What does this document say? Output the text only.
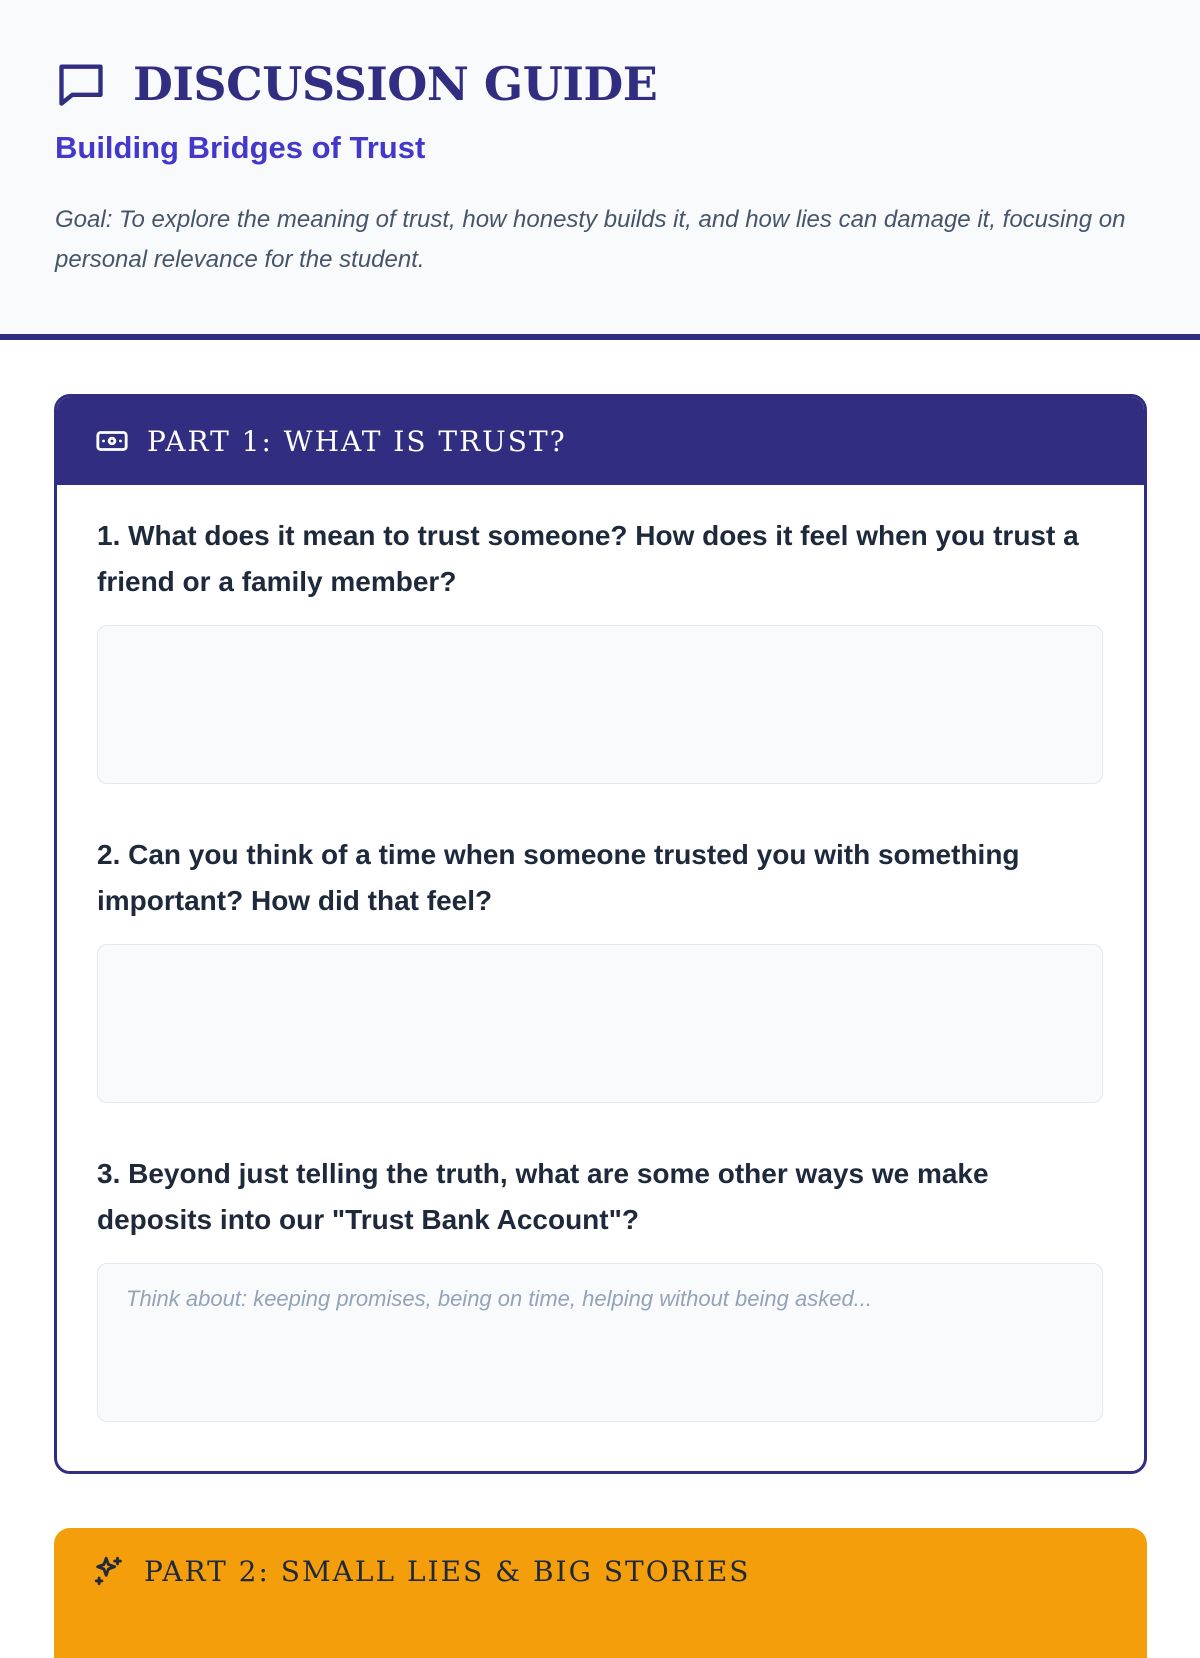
DISCUSSION GUIDE
Building Bridges of Trust

Goal: To explore the meaning of trust, how honesty builds it, and how lies can damage it, focusing on personal relevance for the student.

PART 1: WHAT IS TRUST?

1. What does it mean to trust someone? How does it feel when you trust a friend or a family member?

2. Can you think of a time when someone trusted you with something important? How did that feel?

3. Beyond just telling the truth, what are some other ways we make deposits into our "Trust Bank Account"?

Think about: keeping promises, being on time, helping without being asked...
PART 2: SMALL LIES & BIG STORIES
